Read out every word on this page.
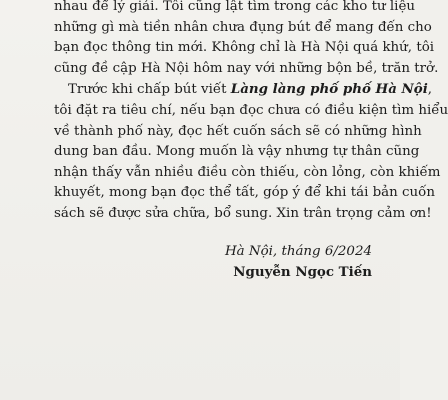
nhau để lý giải. Tôi cũng lật tìm trong các kho tư liệu
những gì mà tiền nhân chưa đụng bút để mang đến cho
bạn đọc thông tin mới. Không chỉ là Hà Nội quá khứ, tôi
cũng đề cập Hà Nội hôm nay với những bộn bề, trăn trở.
Trước khi chấp bút viết Làng làng phố phố Hà Nội,
tôi đặt ra tiêu chí, nếu bạn đọc chưa có điều kiện tìm hiểu
về thành phố này, đọc hết cuốn sách sẽ có những hình
dung ban đầu. Mong muốn là vậy nhưng tự thân cũng
nhận thấy vẫn nhiều điều còn thiếu, còn lỏng, còn khiếm
khuyết, mong bạn đọc thể tất, góp ý để khi tái bản cuốn
sách sẽ được sửa chữa, bổ sung. Xin trân trọng cảm ơn!
Hà Nội, tháng 6/2024
Nguyễn Ngọc Tiến
